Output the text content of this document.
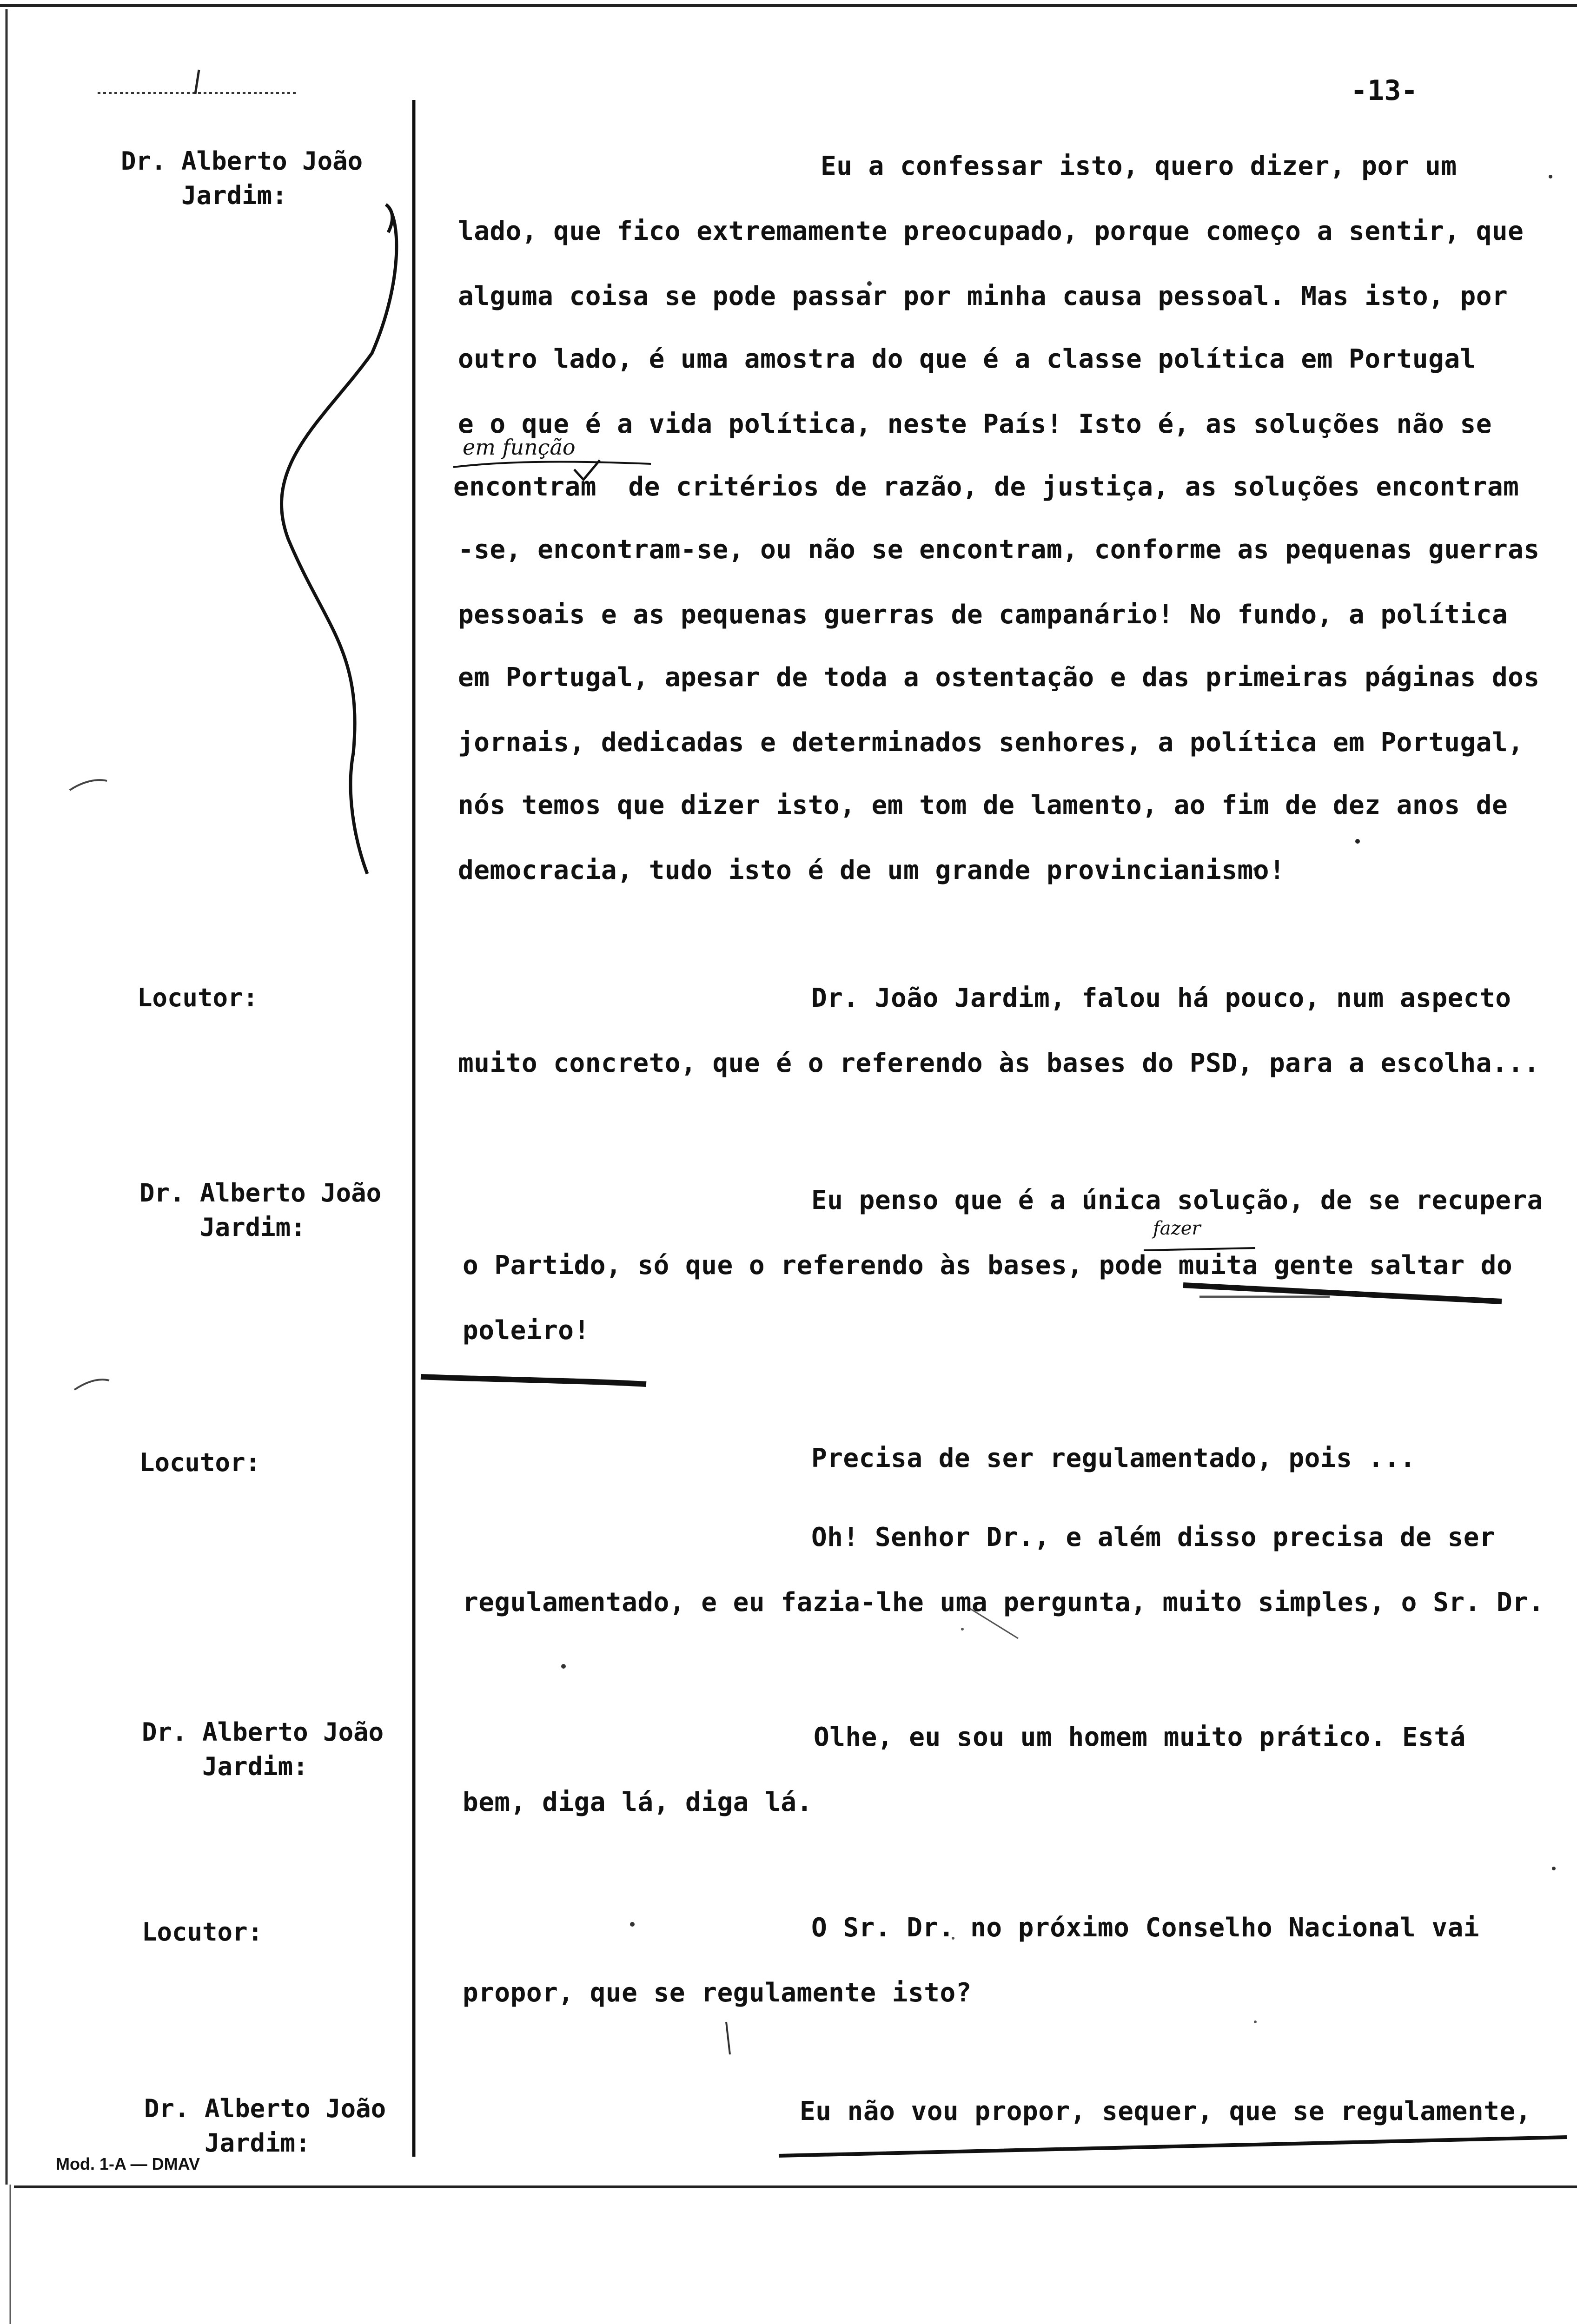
-13-
Dr. Alberto João
Jardim:
Locutor:
Dr. Alberto João
Jardim:
Locutor:
Dr. Alberto João
Jardim:
Locutor:
Dr. Alberto João
Jardim:
Mod. 1-A — DMAV
Eu a confessar isto, quero dizer, por um
lado, que fico extremamente preocupado, porque começo a sentir, que
alguma coisa se pode passar por minha causa pessoal. Mas isto, por
outro lado, é uma amostra do que é a classe política em Portugal
e o que é a vida política, neste País! Isto é, as soluções não se
encontram  de critérios de razão, de justiça, as soluções encontram
-se, encontram-se, ou não se encontram, conforme as pequenas guerras
pessoais e as pequenas guerras de campanário! No fundo, a política
em Portugal, apesar de toda a ostentação e das primeiras páginas dos
jornais, dedicadas e determinados senhores, a política em Portugal,
nós temos que dizer isto, em tom de lamento, ao fim de dez anos de
democracia, tudo isto é de um grande provincianismo!
Dr. João Jardim, falou há pouco, num aspecto
muito concreto, que é o referendo às bases do PSD, para a escolha...
Eu penso que é a única solução, de se recupera
o Partido, só que o referendo às bases, pode muita gente saltar do
poleiro!
Precisa de ser regulamentado, pois ...
Oh! Senhor Dr., e além disso precisa de ser
regulamentado, e eu fazia-lhe uma pergunta, muito simples, o Sr. Dr.
Olhe, eu sou um homem muito prático. Está
bem, diga lá, diga lá.
O Sr. Dr. no próximo Conselho Nacional vai
propor, que se regulamente isto?
Eu não vou propor, sequer, que se regulamente,
em função
fazer
